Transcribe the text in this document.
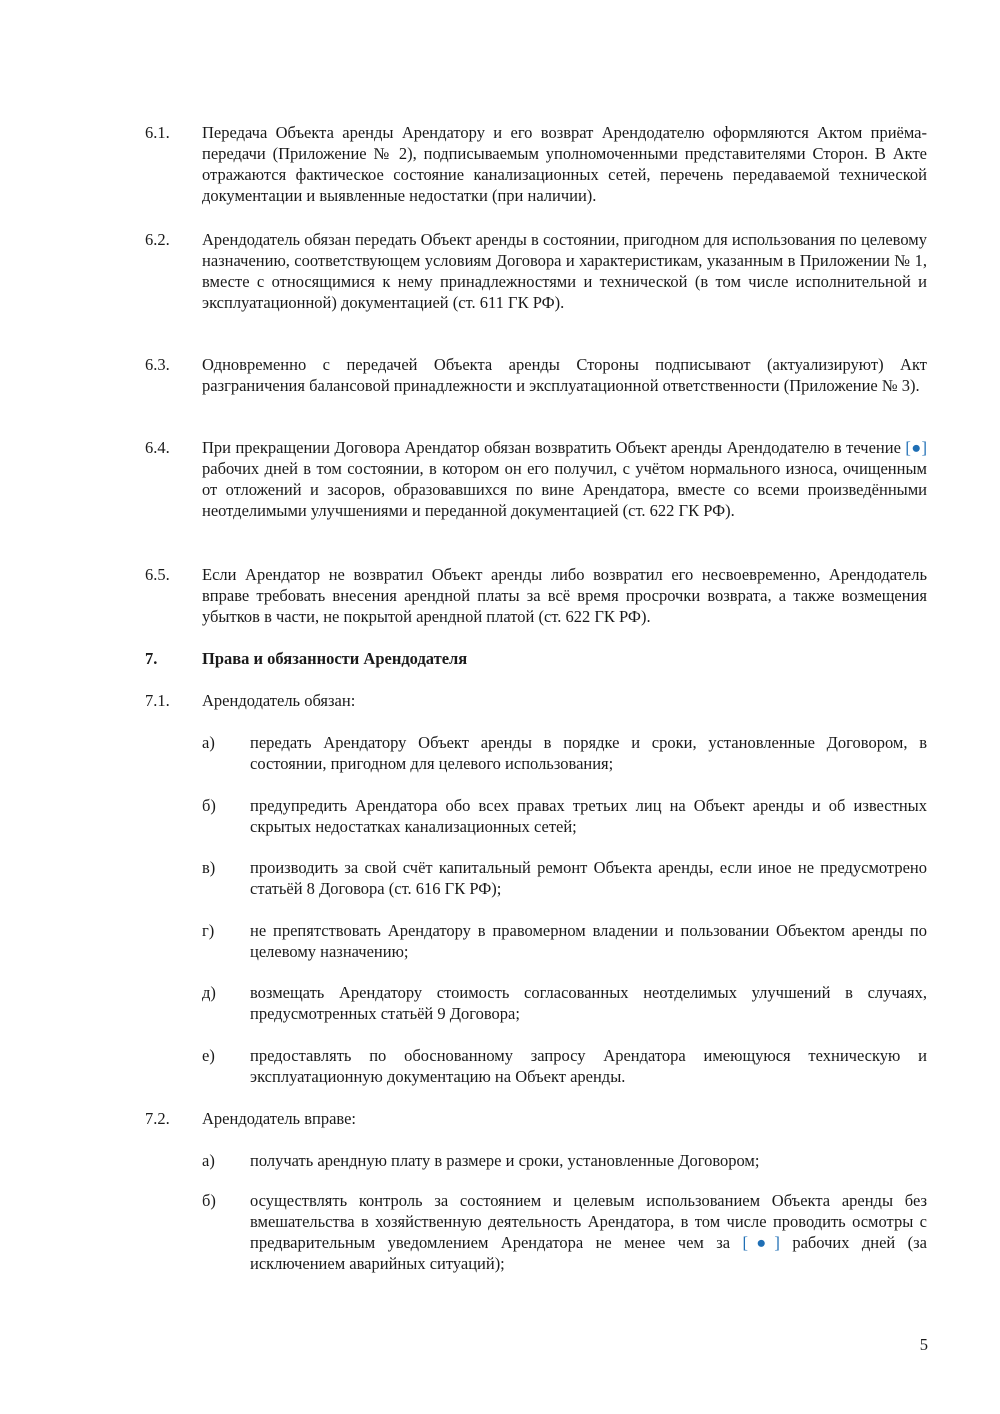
6.1. Передача Объекта аренды Арендатору и его возврат Арендодателю оформляются Актом приёма-передачи (Приложение № 2), подписываемым уполномоченными представителями Сторон. В Акте отражаются фактическое состояние канализационных сетей, перечень передаваемой технической документации и выявленные недостатки (при наличии).
6.2. Арендодатель обязан передать Объект аренды в состоянии, пригодном для использования по целевому назначению, соответствующем условиям Договора и характеристикам, указанным в Приложении № 1, вместе с относящимися к нему принадлежностями и технической (в том числе исполнительной и эксплуатационной) документацией (ст. 611 ГК РФ).
6.3. Одновременно с передачей Объекта аренды Стороны подписывают (актуализируют) Акт разграничения балансовой принадлежности и эксплуатационной ответственности (Приложение № 3).
6.4. При прекращении Договора Арендатор обязан возвратить Объект аренды Арендодателю в течение [●] рабочих дней в том состоянии, в котором он его получил, с учётом нормального износа, очищенным от отложений и засоров, образовавшихся по вине Арендатора, вместе со всеми произведёнными неотделимыми улучшениями и переданной документацией (ст. 622 ГК РФ).
6.5. Если Арендатор не возвратил Объект аренды либо возвратил его несвоевременно, Арендодатель вправе требовать внесения арендной платы за всё время просрочки возврата, а также возмещения убытков в части, не покрытой арендной платой (ст. 622 ГК РФ).
7.	Права и обязанности Арендодателя
7.1. Арендодатель обязан:
а) передать Арендатору Объект аренды в порядке и сроки, установленные Договором, в состоянии, пригодном для целевого использования;
б) предупредить Арендатора обо всех правах третьих лиц на Объект аренды и об известных скрытых недостатках канализационных сетей;
в) производить за свой счёт капитальный ремонт Объекта аренды, если иное не предусмотрено статьёй 8 Договора (ст. 616 ГК РФ);
г) не препятствовать Арендатору в правомерном владении и пользовании Объектом аренды по целевому назначению;
д) возмещать Арендатору стоимость согласованных неотделимых улучшений в случаях, предусмотренных статьёй 9 Договора;
е) предоставлять по обоснованному запросу Арендатора имеющуюся техническую и эксплуатационную документацию на Объект аренды.
7.2. Арендодатель вправе:
а) получать арендную плату в размере и сроки, установленные Договором;
б) осуществлять контроль за состоянием и целевым использованием Объекта аренды без вмешательства в хозяйственную деятельность Арендатора, в том числе проводить осмотры с предварительным уведомлением Арендатора не менее чем за [●] рабочих дней (за исключением аварийных ситуаций);
5
